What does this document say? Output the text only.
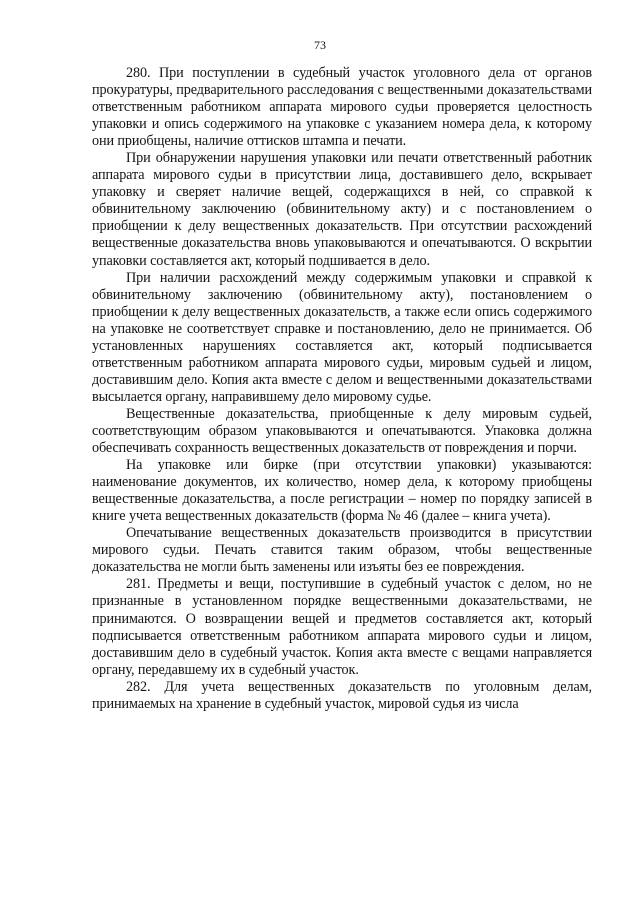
73

280. При поступлении в судебный участок уголовного дела от органов прокуратуры, предварительного расследования с вещественными доказательствами ответственным работником аппарата мирового судьи проверяется целостность упаковки и опись содержимого на упаковке с указанием номера дела, к которому они приобщены, наличие оттисков штампа и печати.

При обнаружении нарушения упаковки или печати ответственный работник аппарата мирового судьи в присутствии лица, доставившего дело, вскрывает упаковку и сверяет наличие вещей, содержащихся в ней, со справкой к обвинительному заключению (обвинительному акту) и с постановлением о приобщении к делу вещественных доказательств. При отсутствии расхождений вещественные доказательства вновь упаковываются и опечатываются. О вскрытии упаковки составляется акт, который подшивается в дело.

При наличии расхождений между содержимым упаковки и справкой к обвинительному заключению (обвинительному акту), постановлением о приобщении к делу вещественных доказательств, а также если опись содержимого на упаковке не соответствует справке и постановлению, дело не принимается. Об установленных нарушениях составляется акт, который подписывается ответственным работником аппарата мирового судьи, мировым судьей и лицом, доставившим дело. Копия акта вместе с делом и вещественными доказательствами высылается органу, направившему дело мировому судье.

Вещественные доказательства, приобщенные к делу мировым судьей, соответствующим образом упаковываются и опечатываются. Упаковка должна обеспечивать сохранность вещественных доказательств от повреждения и порчи.

На упаковке или бирке (при отсутствии упаковки) указываются: наименование документов, их количество, номер дела, к которому приобщены вещественные доказательства, а после регистрации – номер по порядку записей в книге учета вещественных доказательств (форма № 46 (далее – книга учета).

Опечатывание вещественных доказательств производится в присутствии мирового судьи. Печать ставится таким образом, чтобы вещественные доказательства не могли быть заменены или изъяты без ее повреждения.

281. Предметы и вещи, поступившие в судебный участок с делом, но не признанные в установленном порядке вещественными доказательствами, не принимаются. О возвращении вещей и предметов составляется акт, который подписывается ответственным работником аппарата мирового судьи и лицом, доставившим дело в судебный участок. Копия акта вместе с вещами направляется органу, передавшему их в судебный участок.

282. Для учета вещественных доказательств по уголовным делам, принимаемых на хранение в судебный участок, мировой судья из числа
